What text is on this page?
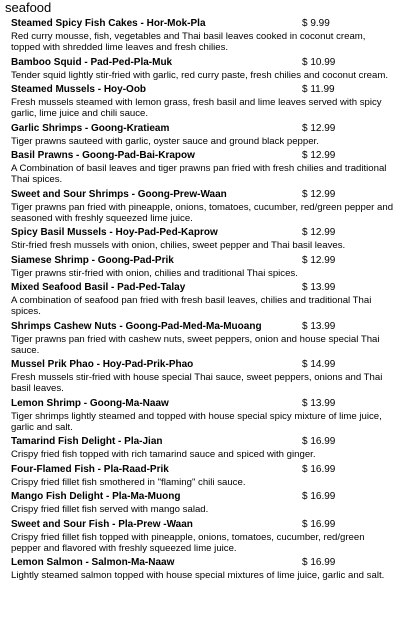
seafood
Steamed Spicy Fish Cakes - Hor-Mok-Pla	$ 9.99
Red curry mousse, fish, vegetables and Thai basil leaves cooked in coconut cream, topped with shredded lime leaves and fresh chilies.
Bamboo Squid - Pad-Ped-Pla-Muk	$ 10.99
Tender squid lightly stir-fried with garlic, red curry paste, fresh chilies and coconut cream.
Steamed Mussels - Hoy-Oob	$ 11.99
Fresh mussels steamed with lemon grass, fresh basil and lime leaves served with spicy garlic, lime juice and chili sauce.
Garlic Shrimps - Goong-Kratieam	$ 12.99
Tiger prawns sauteed with garlic, oyster sauce and ground black pepper.
Basil Prawns - Goong-Pad-Bai-Krapow	$ 12.99
A Combination of basil leaves and tiger prawns pan fried with fresh chilies and traditional Thai spices.
Sweet and Sour Shrimps - Goong-Prew-Waan	$ 12.99
Tiger prawns pan fried with pineapple, onions, tomatoes, cucumber, red/green pepper and seasoned with freshly squeezed lime juice.
Spicy Basil Mussels - Hoy-Pad-Ped-Kaprow	$ 12.99
Stir-fried fresh mussels with onion, chilies, sweet pepper and Thai basil leaves.
Siamese Shrimp - Goong-Pad-Prik	$ 12.99
Tiger prawns stir-fried with onion, chilies and traditional Thai spices.
Mixed Seafood Basil - Pad-Ped-Talay	$ 13.99
A combination of seafood pan fried with fresh basil leaves, chilies and traditional Thai spices.
Shrimps Cashew Nuts - Goong-Pad-Med-Ma-Muoang	$ 13.99
Tiger prawns pan fried with cashew nuts, sweet peppers, onion and house special Thai sauce.
Mussel Prik Phao - Hoy-Pad-Prik-Phao	$ 14.99
Fresh mussels stir-fried with house special Thai sauce, sweet peppers, onions and Thai basil leaves.
Lemon Shrimp - Goong-Ma-Naaw	$ 13.99
Tiger shrimps lightly steamed and topped with house special spicy mixture of lime juice, garlic and salt.
Tamarind Fish Delight - Pla-Jian	$ 16.99
Crispy fried fish topped with rich tamarind sauce and spiced with ginger.
Four-Flamed Fish - Pla-Raad-Prik	$ 16.99
Crispy fried fillet fish smothered in "flaming" chili sauce.
Mango Fish Delight - Pla-Ma-Muong	$ 16.99
Crispy fried fillet fish served with mango salad.
Sweet and Sour Fish - Pla-Prew -Waan	$ 16.99
Crispy fried fillet fish topped with pineapple, onions, tomatoes, cucumber, red/green pepper and flavored with freshly squeezed lime juice.
Lemon Salmon - Salmon-Ma-Naaw	$ 16.99
Lightly steamed salmon topped with house special mixtures of lime juice, garlic and salt.
